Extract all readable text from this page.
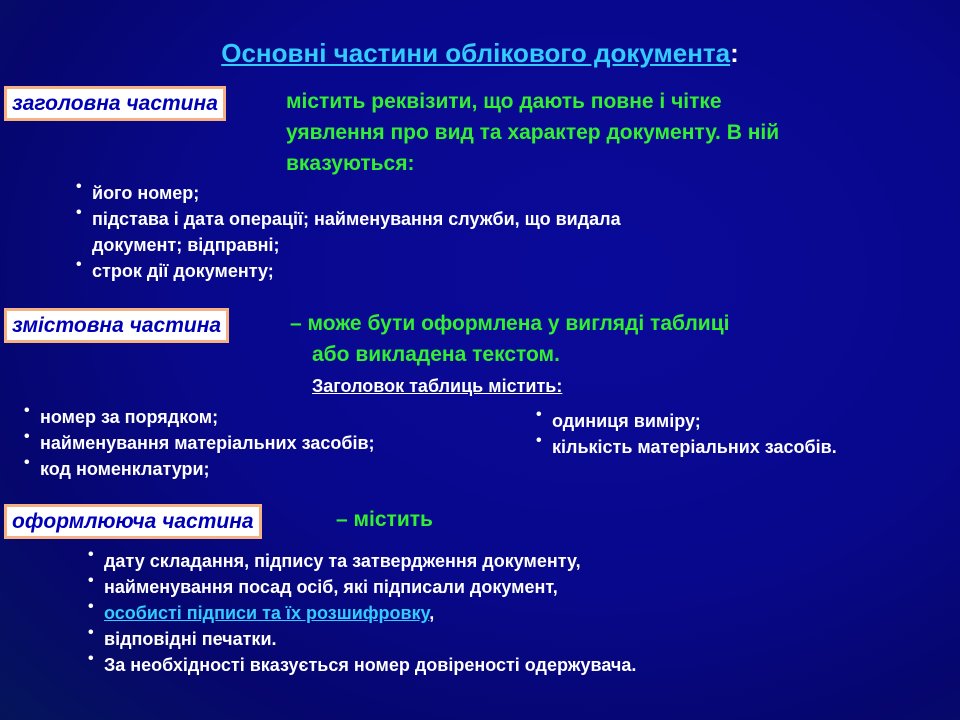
Основні частини облікового документа:
заголовна частина	містить реквізити, що дають повне і чітке
уявлення про вид та характер документу. В ній
вказуються:
• його номер;
• підстава і дата операції; найменування служби, що видала
документ; відправні;
• строк дії документу;
змістовна частина	– може бути оформлена у вигляді таблиці
або викладена текстом.
Заголовок таблиць містить:
• номер за порядком;
• найменування матеріальних засобів;
• код номенклатури;
• одиниця виміру;
• кількість матеріальних засобів.
оформлююча частина	– містить
• дату складання, підпису та затвердження документу,
• найменування посад осіб, які підписали документ,
• особисті підписи та їх розшифровку,
• відповідні печатки.
• За необхідності вказується номер довіреності одержувача.
